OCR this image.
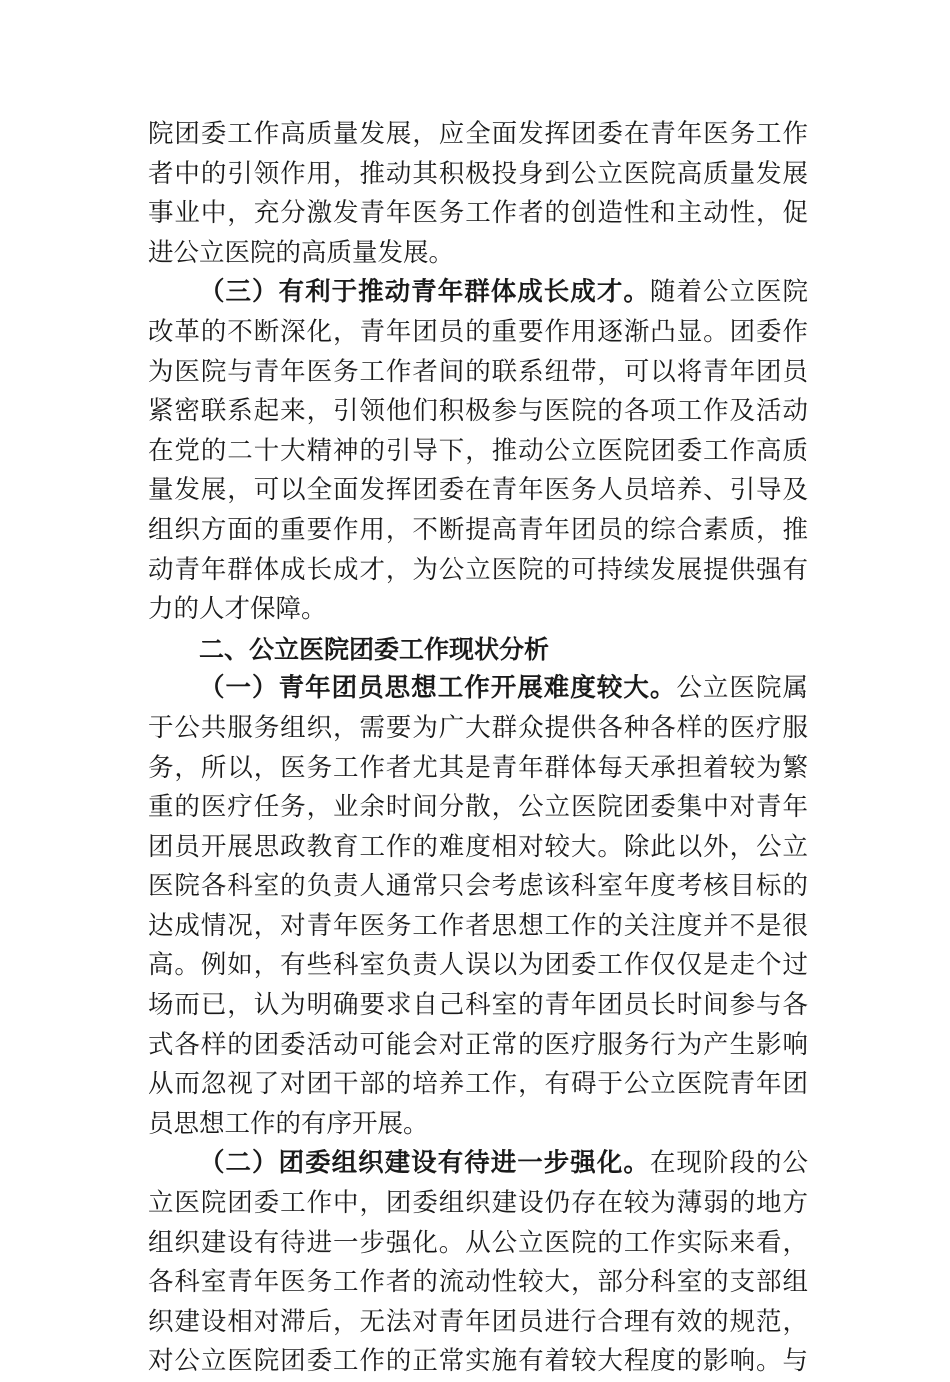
院团委工作高质量发展，应全面发挥团委在青年医务工作
者中的引领作用，推动其积极投身到公立医院高质量发展
事业中，充分激发青年医务工作者的创造性和主动性，促
进公立医院的高质量发展。
（三）有利于推动青年群体成长成才。随着公立医院
改革的不断深化，青年团员的重要作用逐渐凸显。团委作
为医院与青年医务工作者间的联系纽带，可以将青年团员
紧密联系起来，引领他们积极参与医院的各项工作及活动
在党的二十大精神的引导下，推动公立医院团委工作高质
量发展，可以全面发挥团委在青年医务人员培养、引导及
组织方面的重要作用，不断提高青年团员的综合素质，推
动青年群体成长成才，为公立医院的可持续发展提供强有
力的人才保障。
二、公立医院团委工作现状分析
（一）青年团员思想工作开展难度较大。公立医院属
于公共服务组织，需要为广大群众提供各种各样的医疗服
务，所以，医务工作者尤其是青年群体每天承担着较为繁
重的医疗任务，业余时间分散，公立医院团委集中对青年
团员开展思政教育工作的难度相对较大。除此以外，公立
医院各科室的负责人通常只会考虑该科室年度考核目标的
达成情况，对青年医务工作者思想工作的关注度并不是很
高。例如，有些科室负责人误以为团委工作仅仅是走个过
场而已，认为明确要求自己科室的青年团员长时间参与各
式各样的团委活动可能会对正常的医疗服务行为产生影响
从而忽视了对团干部的培养工作，有碍于公立医院青年团
员思想工作的有序开展。
（二）团委组织建设有待进一步强化。在现阶段的公
立医院团委工作中，团委组织建设仍存在较为薄弱的地方
组织建设有待进一步强化。从公立医院的工作实际来看，
各科室青年医务工作者的流动性较大，部分科室的支部组
织建设相对滞后，无法对青年团员进行合理有效的规范，
对公立医院团委工作的正常实施有着较大程度的影响。与
